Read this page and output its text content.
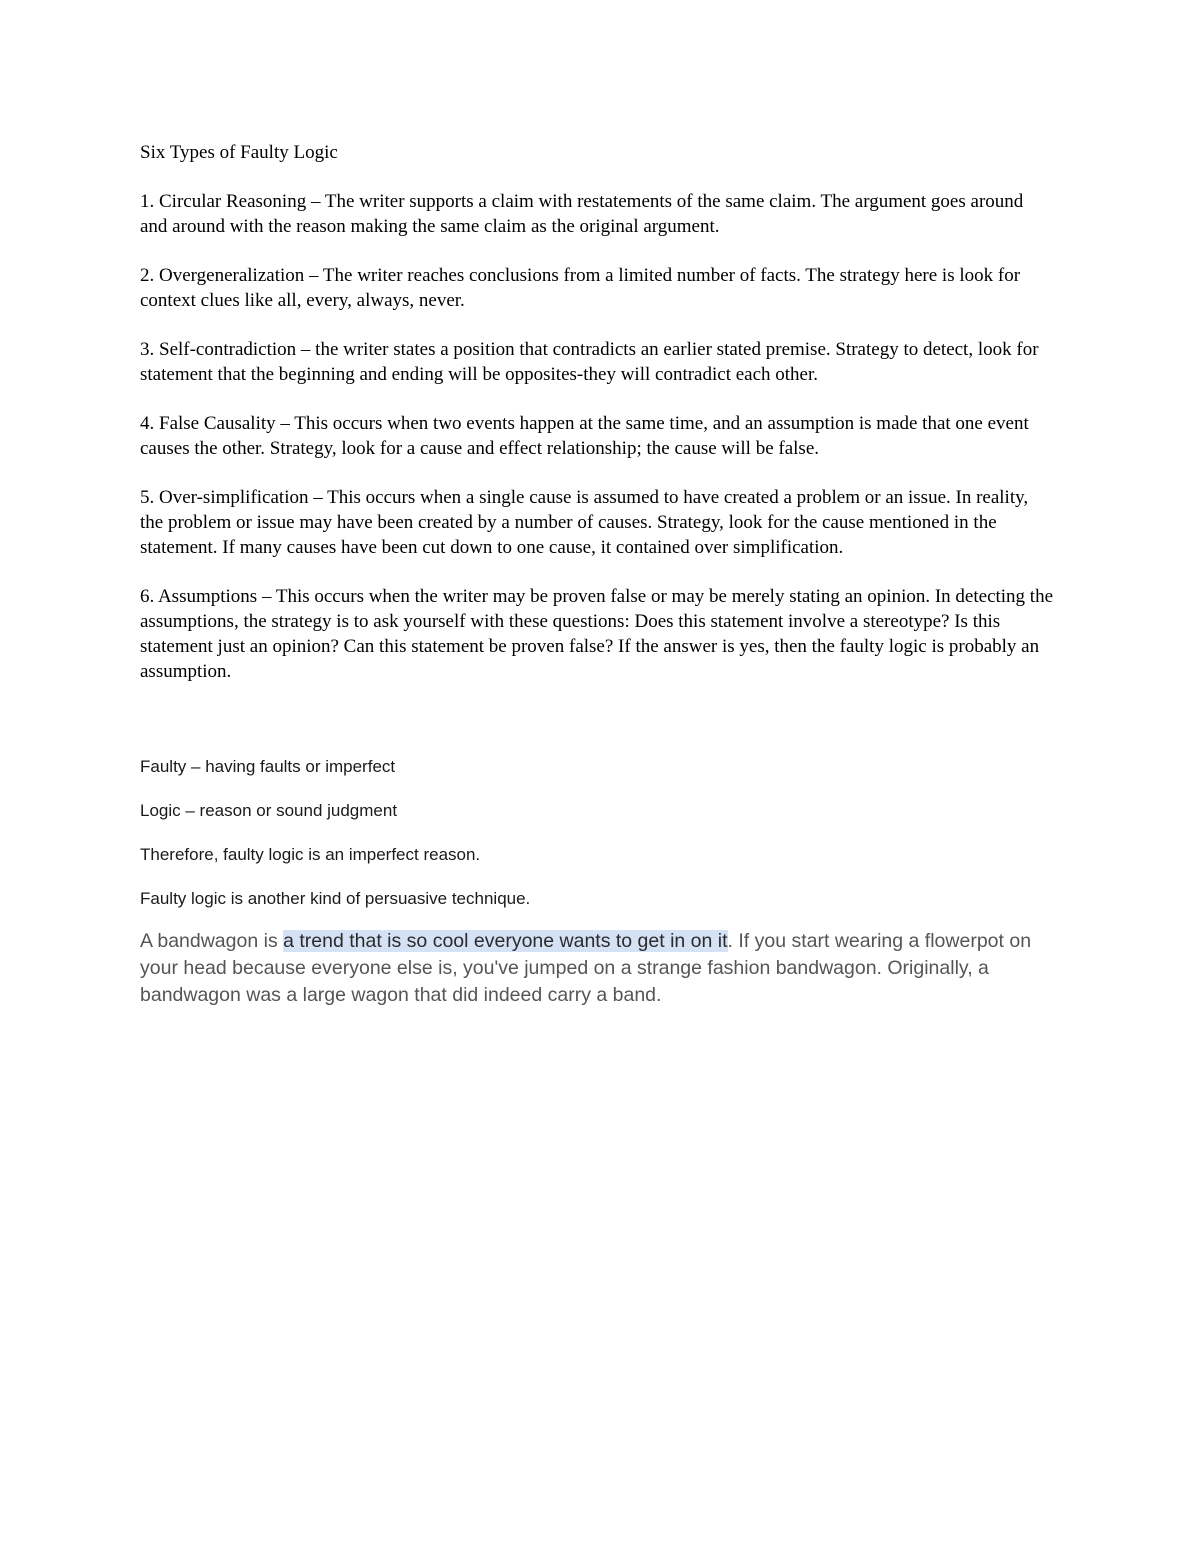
Six Types of Faulty Logic

1. Circular Reasoning – The writer supports a claim with restatements of the same claim. The argument goes around and around with the reason making the same claim as the original argument.

2. Overgeneralization – The writer reaches conclusions from a limited number of facts. The strategy here is look for context clues like all, every, always, never.

3. Self-contradiction – the writer states a position that contradicts an earlier stated premise. Strategy to detect, look for statement that the beginning and ending will be opposites-they will contradict each other.

4. False Causality – This occurs when two events happen at the same time, and an assumption is made that one event causes the other. Strategy, look for a cause and effect relationship; the cause will be false.

5. Over-simplification – This occurs when a single cause is assumed to have created a problem or an issue. In reality, the problem or issue may have been created by a number of causes. Strategy, look for the cause mentioned in the statement. If many causes have been cut down to one cause, it contained over simplification.

6. Assumptions – This occurs when the writer may be proven false or may be merely stating an opinion. In detecting the assumptions, the strategy is to ask yourself with these questions: Does this statement involve a stereotype? Is this statement just an opinion? Can this statement be proven false? If the answer is yes, then the faulty logic is probably an assumption.

Faulty – having faults or imperfect

Logic – reason or sound judgment

Therefore, faulty logic is an imperfect reason.

Faulty logic is another kind of persuasive technique.

A bandwagon is a trend that is so cool everyone wants to get in on it. If you start wearing a flowerpot on your head because everyone else is, you've jumped on a strange fashion bandwagon. Originally, a bandwagon was a large wagon that did indeed carry a band.
